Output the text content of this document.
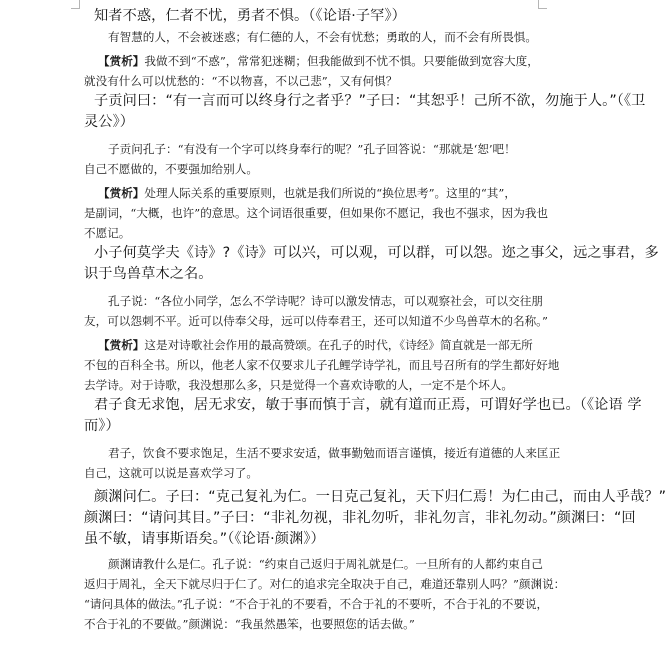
知者不惑，仁者不忧，勇者不惧。（《论语·子罕》）
有智慧的人，不会被迷惑；有仁德的人，不会有忧愁；勇敢的人，而不会有所畏惧。
【赏析】我做不到“不惑”，常常犯迷糊；但我能做到不忧不惧。只要能做到宽容大度，
就没有什么可以忧愁的：“不以物喜，不以己悲”，又有何惧？
子贡问曰：“有一言而可以终身行之者乎？”子曰：“其恕乎！己所不欲，勿施于人。”（《卫
灵公》）
子贡问孔子：“有没有一个字可以终身奉行的呢？”孔子回答说：“那就是‘恕’吧！
自己不愿做的，不要强加给别人。
【赏析】处理人际关系的重要原则，也就是我们所说的“换位思考”。这里的“其”，
是副词，“大概，也许”的意思。这个词语很重要，但如果你不愿记，我也不强求，因为我也
不愿记。
小子何莫学夫《诗》?《诗》可以兴，可以观，可以群，可以怨。迩之事父，远之事君，多
识于鸟兽草木之名。
孔子说：“各位小同学，怎么不学诗呢？诗可以激发情志，可以观察社会，可以交往朋
友，可以怨刺不平。近可以侍奉父母，远可以侍奉君王，还可以知道不少鸟兽草木的名称。”
【赏析】这是对诗歌社会作用的最高赞颂。在孔子的时代，《诗经》简直就是一部无所
不包的百科全书。所以，他老人家不仅要求儿子孔鲤学诗学礼，而且号召所有的学生都好好地
去学诗。对于诗歌，我没想那么多，只是觉得一个喜欢诗歌的人，一定不是个坏人。
君子食无求饱，居无求安，敏于事而慎于言，就有道而正焉，可谓好学也已。（《论语 学
而》）
君子，饮食不要求饱足，生活不要求安适，做事勤勉而语言谨慎，接近有道德的人来匡正
自己，这就可以说是喜欢学习了。
颜渊问仁。子曰：“克己复礼为仁。一日克己复礼，天下归仁焉！为仁由己，而由人乎哉？”
颜渊曰：“请问其目。”子曰：“非礼勿视，非礼勿听，非礼勿言，非礼勿动。”颜渊曰：“回
虽不敏，请事斯语矣。”（《论语·颜渊》）
颜渊请教什么是仁。孔子说：“约束自己返归于周礼就是仁。一旦所有的人都约束自己
返归于周礼，全天下就尽归于仁了。对仁的追求完全取决于自己，难道还靠别人吗？”颜渊说：
“请问具体的做法。”孔子说：“不合于礼的不要看，不合于礼的不要听，不合于礼的不要说，
不合于礼的不要做。”颜渊说：“我虽然愚笨，也要照您的话去做。”
